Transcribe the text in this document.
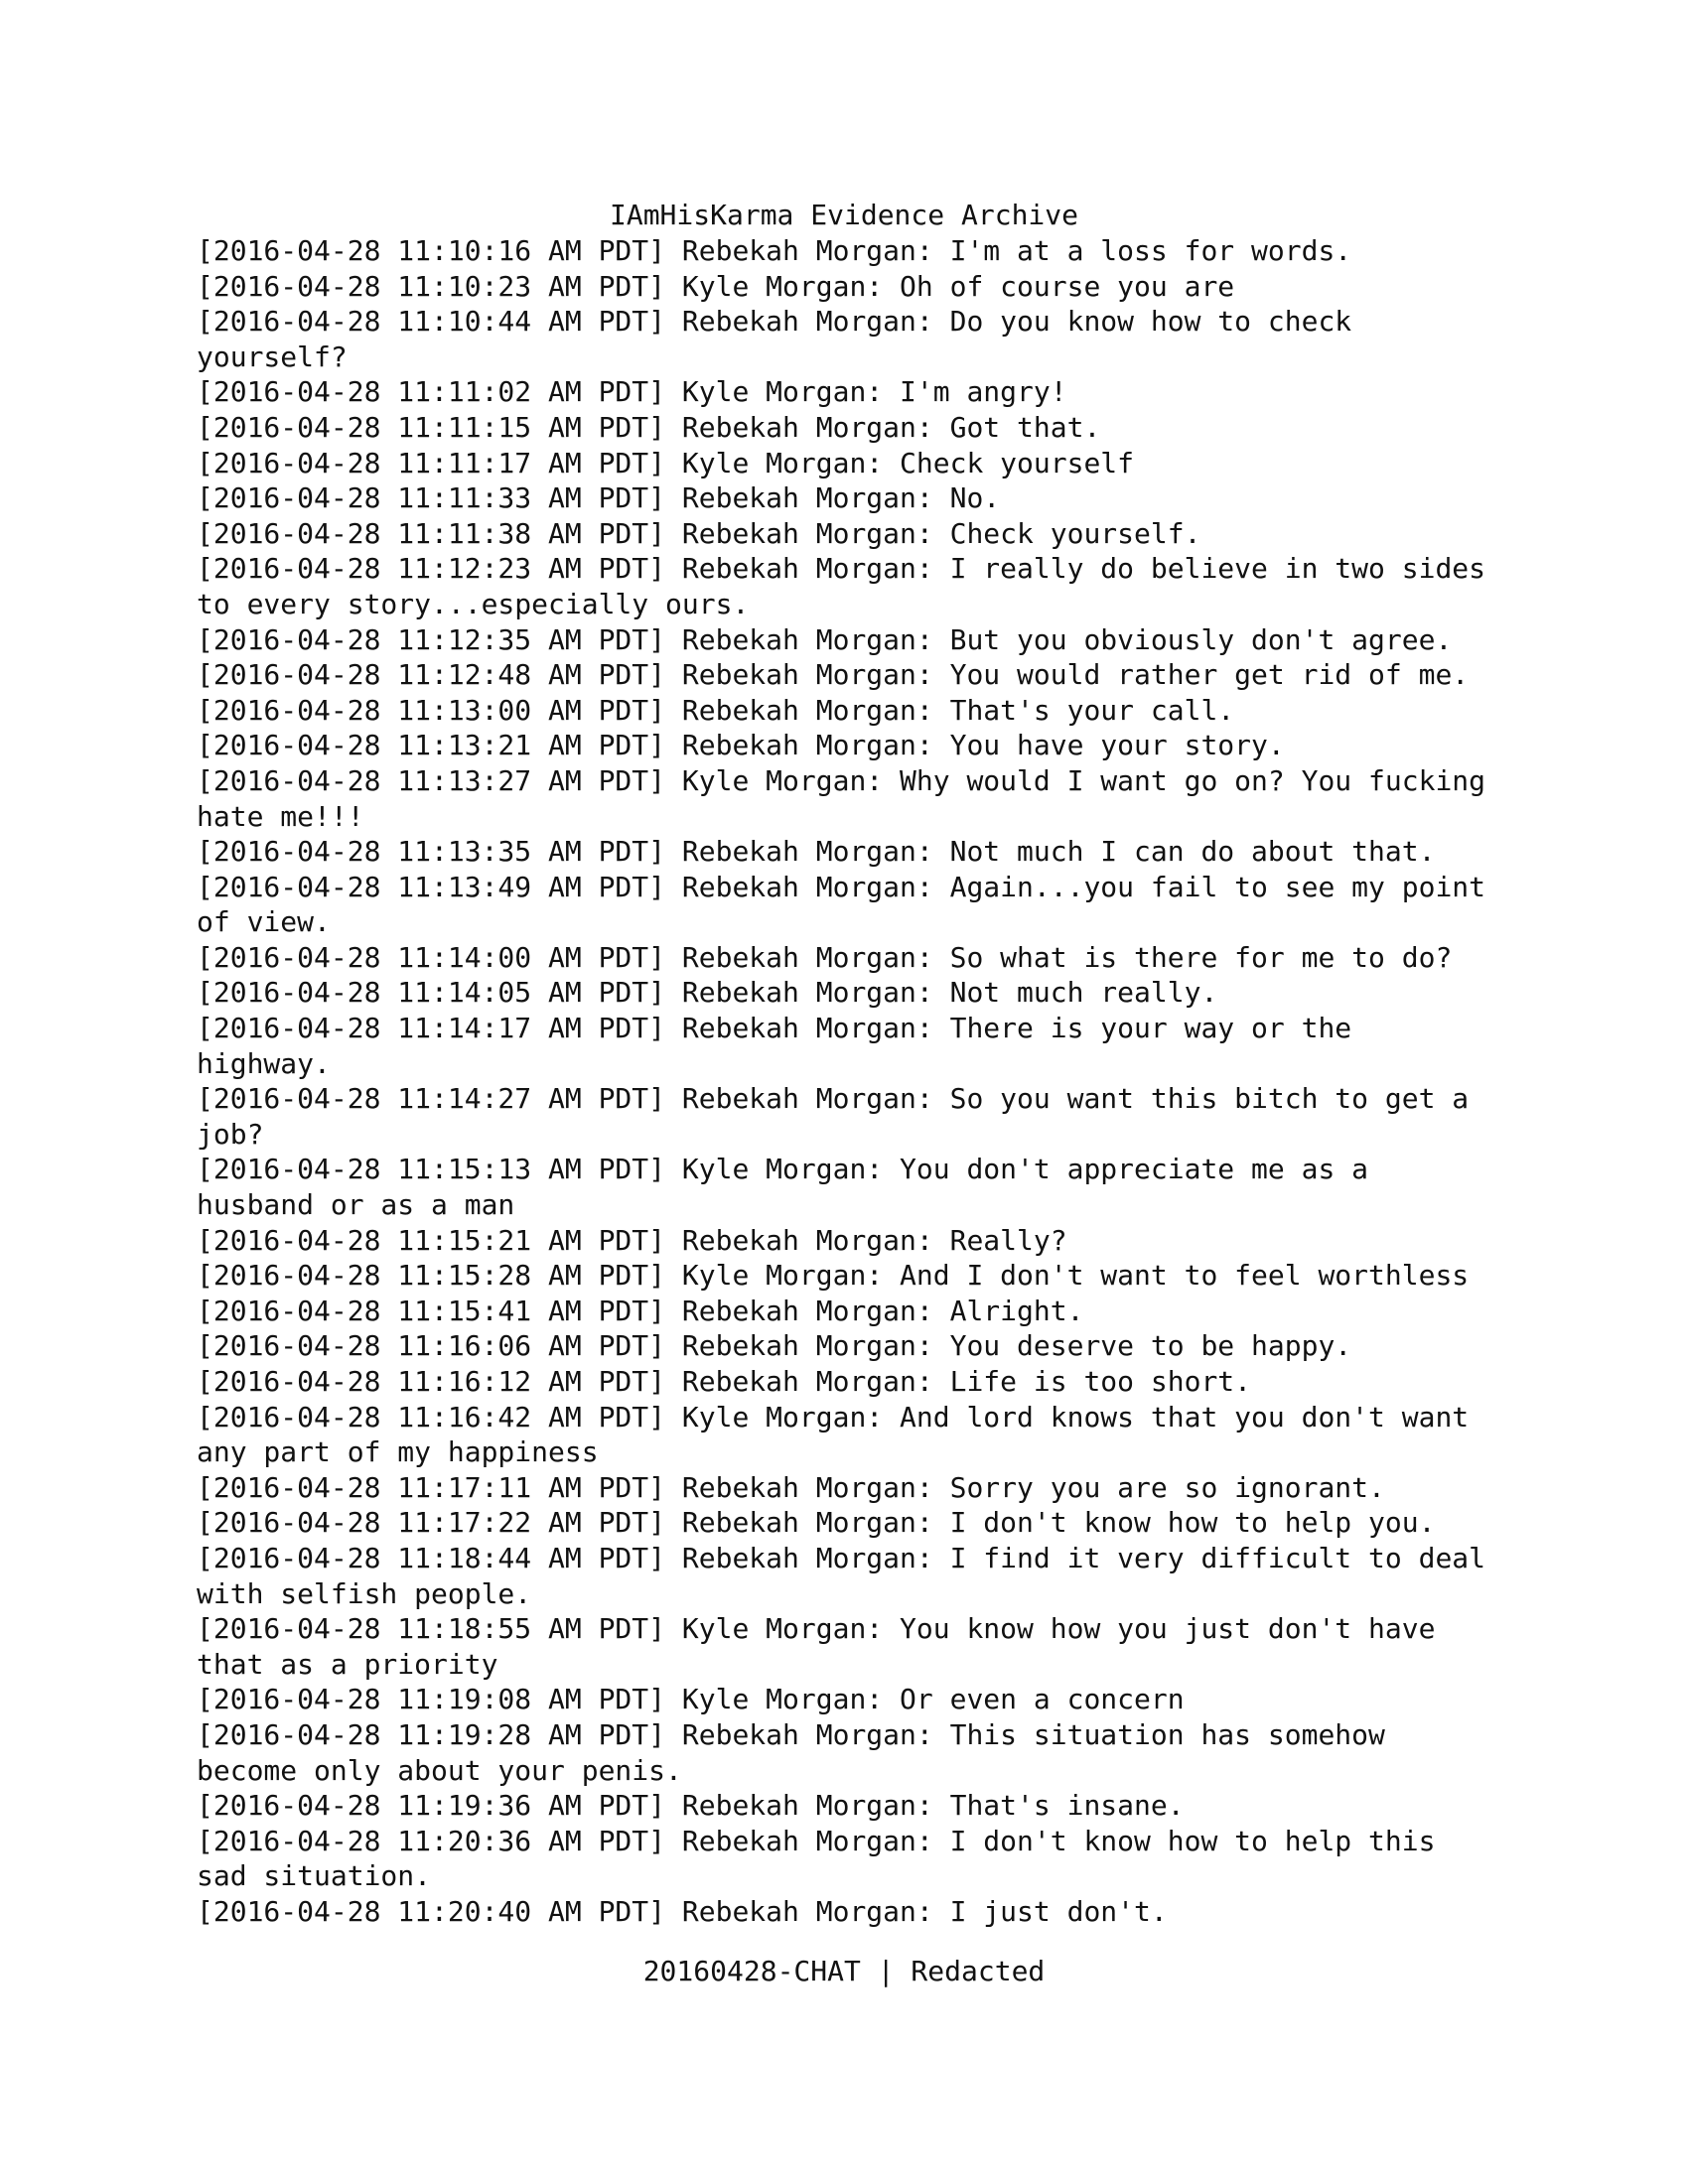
IAmHisKarma Evidence Archive
[2016-04-28 11:10:16 AM PDT] Rebekah Morgan: I'm at a loss for words.
[2016-04-28 11:10:23 AM PDT] Kyle Morgan: Oh of course you are
[2016-04-28 11:10:44 AM PDT] Rebekah Morgan: Do you know how to check
yourself?
[2016-04-28 11:11:02 AM PDT] Kyle Morgan: I'm angry!
[2016-04-28 11:11:15 AM PDT] Rebekah Morgan: Got that.
[2016-04-28 11:11:17 AM PDT] Kyle Morgan: Check yourself
[2016-04-28 11:11:33 AM PDT] Rebekah Morgan: No.
[2016-04-28 11:11:38 AM PDT] Rebekah Morgan: Check yourself.
[2016-04-28 11:12:23 AM PDT] Rebekah Morgan: I really do believe in two sides
to every story...especially ours.
[2016-04-28 11:12:35 AM PDT] Rebekah Morgan: But you obviously don't agree.
[2016-04-28 11:12:48 AM PDT] Rebekah Morgan: You would rather get rid of me.
[2016-04-28 11:13:00 AM PDT] Rebekah Morgan: That's your call.
[2016-04-28 11:13:21 AM PDT] Rebekah Morgan: You have your story.
[2016-04-28 11:13:27 AM PDT] Kyle Morgan: Why would I want go on? You fucking
hate me!!!
[2016-04-28 11:13:35 AM PDT] Rebekah Morgan: Not much I can do about that.
[2016-04-28 11:13:49 AM PDT] Rebekah Morgan: Again...you fail to see my point
of view.
[2016-04-28 11:14:00 AM PDT] Rebekah Morgan: So what is there for me to do?
[2016-04-28 11:14:05 AM PDT] Rebekah Morgan: Not much really.
[2016-04-28 11:14:17 AM PDT] Rebekah Morgan: There is your way or the
highway.
[2016-04-28 11:14:27 AM PDT] Rebekah Morgan: So you want this bitch to get a
job?
[2016-04-28 11:15:13 AM PDT] Kyle Morgan: You don't appreciate me as a
husband or as a man
[2016-04-28 11:15:21 AM PDT] Rebekah Morgan: Really?
[2016-04-28 11:15:28 AM PDT] Kyle Morgan: And I don't want to feel worthless
[2016-04-28 11:15:41 AM PDT] Rebekah Morgan: Alright.
[2016-04-28 11:16:06 AM PDT] Rebekah Morgan: You deserve to be happy.
[2016-04-28 11:16:12 AM PDT] Rebekah Morgan: Life is too short.
[2016-04-28 11:16:42 AM PDT] Kyle Morgan: And lord knows that you don't want
any part of my happiness
[2016-04-28 11:17:11 AM PDT] Rebekah Morgan: Sorry you are so ignorant.
[2016-04-28 11:17:22 AM PDT] Rebekah Morgan: I don't know how to help you.
[2016-04-28 11:18:44 AM PDT] Rebekah Morgan: I find it very difficult to deal
with selfish people.
[2016-04-28 11:18:55 AM PDT] Kyle Morgan: You know how you just don't have
that as a priority
[2016-04-28 11:19:08 AM PDT] Kyle Morgan: Or even a concern
[2016-04-28 11:19:28 AM PDT] Rebekah Morgan: This situation has somehow
become only about your penis.
[2016-04-28 11:19:36 AM PDT] Rebekah Morgan: That's insane.
[2016-04-28 11:20:36 AM PDT] Rebekah Morgan: I don't know how to help this
sad situation.
[2016-04-28 11:20:40 AM PDT] Rebekah Morgan: I just don't.
20160428-CHAT | Redacted
